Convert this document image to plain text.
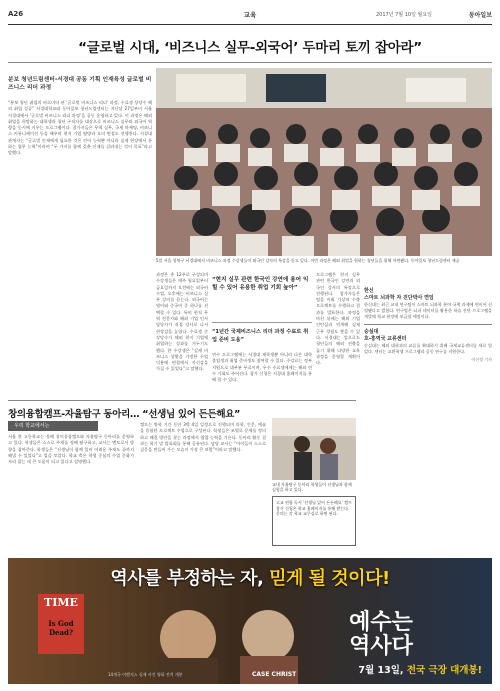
A26	교육	2017년 7월 10일 월요일	동아일보
“글로벌 시대, ‘비즈니스 실무-외국어’ 두마리 토끼 잡아라”
분보 청년드림센터-서경대 공동 기획 인재육성 글로벌 비즈니스 리더 과정
“분보 청년 취업의 바로미터 된 ‘글로벌 비즈니스 리더’ 과정, 수료생 상당수 해외 취업 성공” 서경대학교와 동아일보 청년드림센터는 지난달 27일부터 서울 서경대에서 ‘글로벌 비즈니스 리더 과정’을 공동 운영하고 있다. 이 과정은 해외 취업을 희망하는 대학생과 청년 구직자를 대상으로 비즈니스 실무와 외국어 역량을 동시에 키우는 프로그램이다. 참가자들은 무역 실무, 국제 마케팅, 비즈니스 커뮤니케이션 등을 배우며 현지 기업 탐방과 모의 면접도 진행한다. 서경대 관계자는 “글로벌 인재에게 필요한 것은 언어 능력뿐 아니라 실제 현장에서 통하는 업무 능력”이라며 “두 가지를 함께 갖춘 인재를 길러내는 것이 목표”라고 말했다.
5일 서울 성북구 서경대에서 비즈니스 과정 수강생들이 외국인 강사의 특강을 듣고 있다. 이번 과정은 해외 취업을 원하는 청년들을 위해 마련됐다. 동아일보 청년드림센터 제공
“현지 실무 관련 한국인 강연에 용어 익힐 수 있어 유용한 취업 기회 높아”
“1년간 국제비즈니스 리더 과정 수료로 취업 준비 도움”
과정은 총 12주로 구성되며 수강생들은 매주 월요일부터 금요일까지 오전에는 외국어 수업, 오후에는 비즈니스 실무 강의를 듣는다. 외국어는 영어와 중국어 중 하나를 선택할 수 있다. 특히 현직 무역 전문가와 해외 기업 인사담당자가 직접 강사로 나서 현장감을 높였다. 수료생 중 상당수가 해외 현지 기업에 취업하는 성과를 거두기도 했다. 한 수강생은 “실제 비즈니스 상황을 가정한 수업 덕분에 면접에서 자신감을 가질 수 있었다”고 말했다.
프로그램은 현지 실무 관련 한국인 강연과 외국인 강사의 특강으로 진행된다. 참가자들은 팀을 이뤄 가상의 수출 프로젝트를 수행하고 결과를 발표한다. 과정을 마친 뒤에는 해외 기업 인턴십과 연계해 실제 근무 경험도 쌓을 수 있다. 서경대는 앞으로도 청년들의 해외 진출을 돕기 위해 다양한 교육 과정을 운영할 계획이다.
연수 프로그램에는 서경대 재학생뿐 아니라 다른 대학 졸업생과 취업 준비생도 참여할 수 있다. 수강료는 정부 지원으로 대부분 무료이며, 우수 수료생에게는 해외 연수 기회도 주어진다. 참가 신청은 서경대 홈페이지를 통해 할 수 있다.
창의융합캠프-자율탐구 동아리… “선생님 있어 든든해요”
우리 학교에서는
서울 한 고등학교는 올해 창의융합캠프와 자율탐구 동아리를 운영하고 있다. 학생들은 스스로 주제를 정해 탐구하고, 교사는 멘토로서 방향을 잡아준다. 학생들은 “선생님이 함께 있어 어려운 주제도 끝까지 해낼 수 있었다”고 입을 모았다. 학교 측은 학생 중심의 수업 문화가 자리 잡는 데 큰 도움이 되고 있다고 설명했다.
캠프는 방학 기간 동안 3박 4일 일정으로 진행되며 과학, 인문, 예술을 융합한 프로젝트 수업으로 구성된다. 학생들은 조별로 문제를 정의하고 해결 방안을 찾는 과정에서 협업 능력을 기른다. 동아리 활동 결과는 학기 말 발표회를 통해 공유된다. 담당 교사는 “아이들이 스스로 질문을 만들어 가는 모습이 가장 큰 보람”이라고 말했다.
교내 자율탐구 동아리 학생들이 선생님과 함께 실험을 하고 있다.
고교 연합 독서 ‘선생님 있어 든든해요’ 캠프 참가 신청은 학교 홈페이지를 통해 받는다. 문의는 각 학교 교무실로 하면 된다.
한신
스마트 뇌과학 자 진단박사 연임
한신대는 최근 교내 연구팀이 스마트 뇌과학 분야 국책 과제에 연이어 선정됐다고 밝혔다. 연구팀은 뇌파 데이터를 활용한 학습 진단 프로그램을 개발해 학교 현장에 보급할 예정이다.
숭실대
호-흥역국 교류센터
숭실대는 해외 대학과의 교류를 확대하기 위해 국제교류센터를 새로 열었다. 센터는 교환학생 프로그램과 공동 연구를 지원한다.
이선정 기자
역사를 부정하는 자, 믿게 될 것이다!
TIME
Is God Dead?	예수는
역사다
14개국 어벤저스 실제 사건 영화 전격 개봉	CASE CHRIST	7월 13일, 전국 극장 대개봉!
